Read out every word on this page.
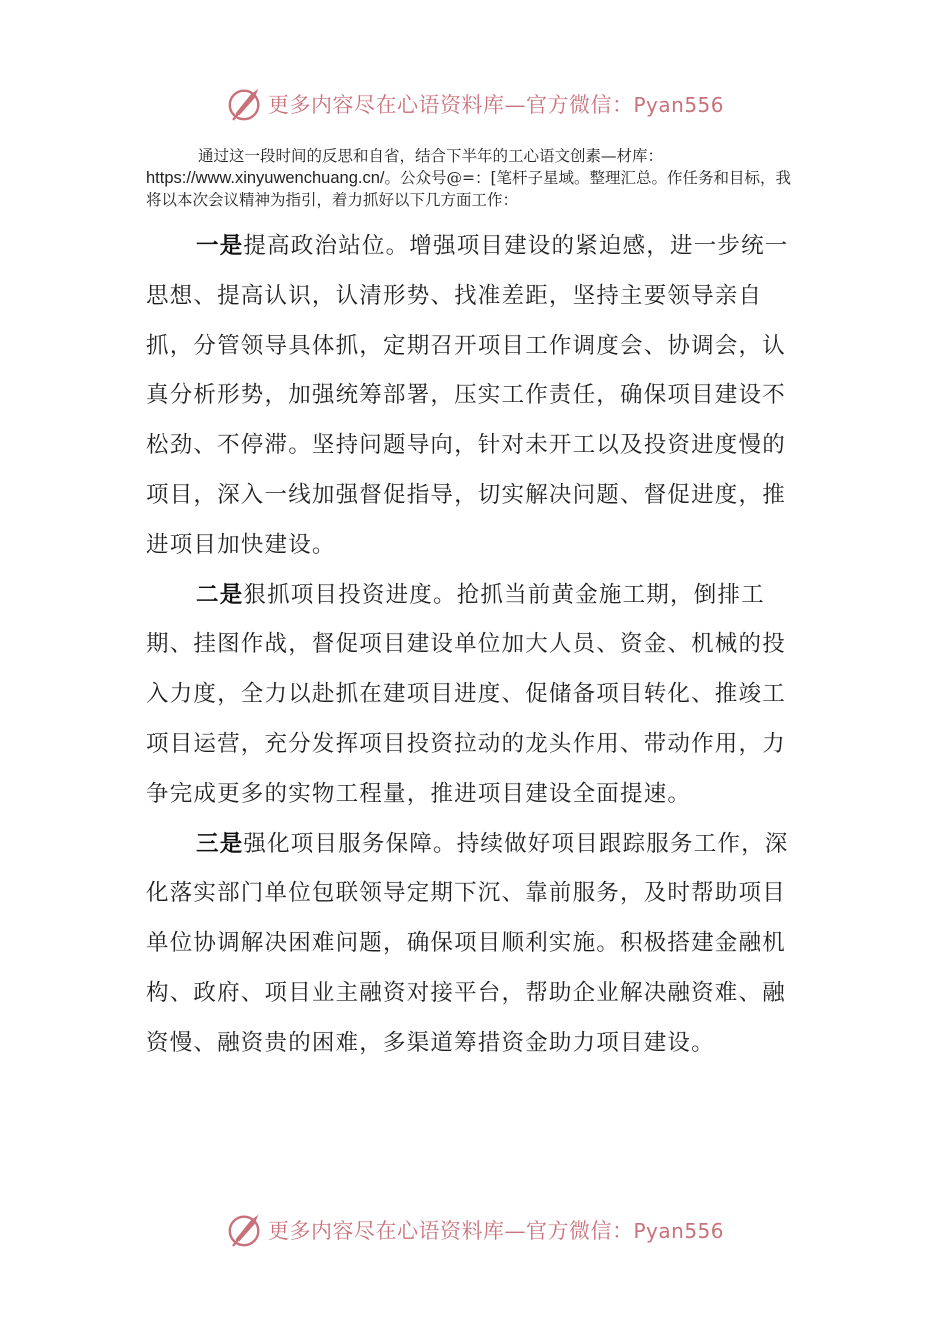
更多内容尽在心语资料库—官方微信：Pyan556
通过这一段时间的反思和自省，结合下半年的工心语文创素—材库：
https://www.xinyuwenchuang.cn/。公众号@=：[笔杆子星域。整理汇总。作任务和目标，我将以本次会议精神为指引，着力抓好以下几方面工作：

一是提高政治站位。增强项目建设的紧迫感，进一步统一思想、提高认识，认清形势、找准差距，坚持主要领导亲自抓，分管领导具体抓，定期召开项目工作调度会、协调会，认真分析形势，加强统筹部署，压实工作责任，确保项目建设不松劲、不停滞。坚持问题导向，针对未开工以及投资进度慢的项目，深入一线加强督促指导，切实解决问题、督促进度，推进项目加快建设。

二是狠抓项目投资进度。抢抓当前黄金施工期，倒排工期、挂图作战，督促项目建设单位加大人员、资金、机械的投入力度，全力以赴抓在建项目进度、促储备项目转化、推竣工项目运营，充分发挥项目投资拉动的龙头作用、带动作用，力争完成更多的实物工程量，推进项目建设全面提速。

三是强化项目服务保障。持续做好项目跟踪服务工作，深化落实部门单位包联领导定期下沉、靠前服务，及时帮助项目单位协调解决困难问题，确保项目顺利实施。积极搭建金融机构、政府、项目业主融资对接平台，帮助企业解决融资难、融资慢、融资贵的困难，多渠道筹措资金助力项目建设。

更多内容尽在心语资料库—官方微信：Pyan556
